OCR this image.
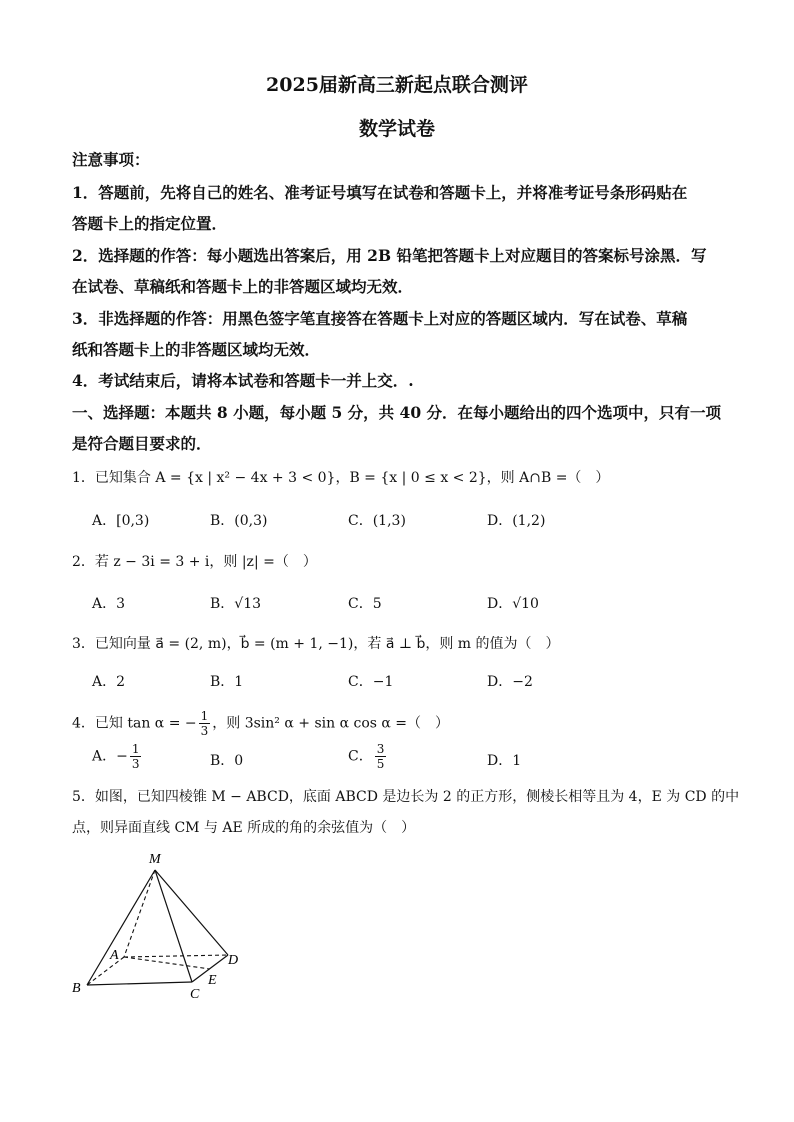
2025届新高三新起点联合测评
数学试卷
注意事项：
1．答题前，先将自己的姓名、准考证号填写在试卷和答题卡上，并将准考证号条形码贴在
答题卡上的指定位置．
2．选择题的作答：每小题选出答案后，用 2B 铅笔把答题卡上对应题目的答案标号涂黑．写
在试卷、草稿纸和答题卡上的非答题区域均无效．
3．非选择题的作答：用黑色签字笔直接答在答题卡上对应的答题区域内．写在试卷、草稿
纸和答题卡上的非答题区域均无效．
4．考试结束后，请将本试卷和答题卡一并上交．.
一、选择题：本题共 8 小题，每小题 5 分，共 40 分．在每小题给出的四个选项中，只有一项
是符合题目要求的．
1．已知集合 A = {x | x² − 4x + 3 < 0}，B = {x | 0 ≤ x < 2}，则 A∩B =（　）
A．[0,3)	B．(0,3)	C．(1,3)	D．(1,2)
2．若 z − 3i = 3 + i，则 |z| =（　）
A．3	B．√13	C．5	D．√10
3．已知向量 a⃗ = (2, m)，b⃗ = (m + 1, −1)，若 a⃗ ⊥ b⃗，则 m 的值为（　）
A．2	B．1	C．−1	D．−2
4．已知 tan α = − $\frac{1}{3}$ ，则 3sin² α + sin α cos α =（　）
A．− $\frac{1}{3}$	B．0	C． $\frac{3}{5}$	D．1
5．如图，已知四棱锥 M − ABCD，底面 ABCD 是边长为 2 的正方形，侧棱长相等且为 4，E 为 CD 的中
点，则异面直线 CM 与 AE 所成的角的余弦值为（　）
M
A
B	C
D
E
